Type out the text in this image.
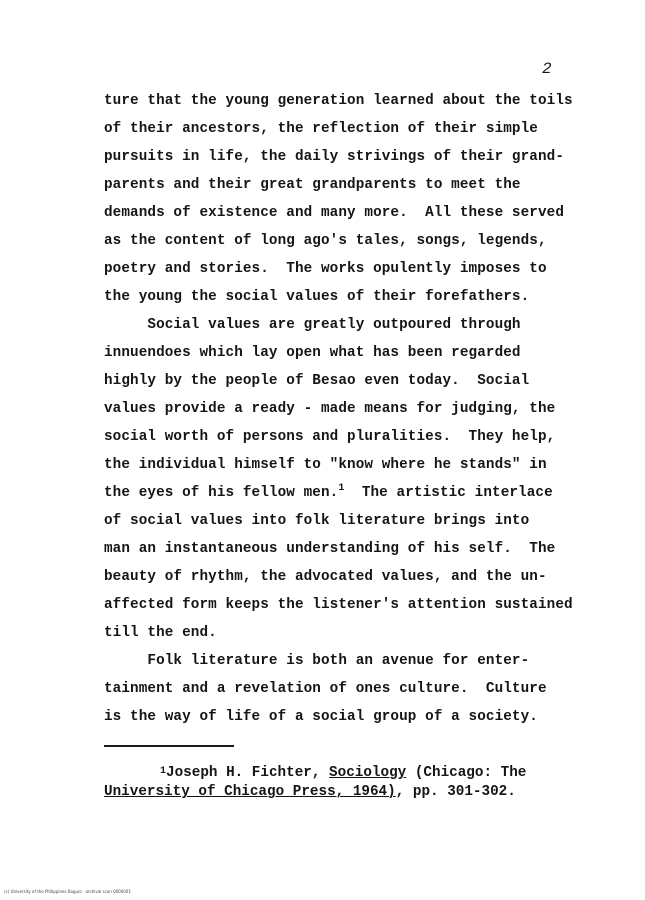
2
ture that the young generation learned about the toils
of their ancestors, the reflection of their simple
pursuits in life, the daily strivings of their grand-
parents and their great grandparents to meet the
demands of existence and many more.  All these served
as the content of long ago's tales, songs, legends,
poetry and stories.  The works opulently imposes to
the young the social values of their forefathers.
Social values are greatly outpoured through
innuendoes which lay open what has been regarded
highly by the people of Besao even today.  Social
values provide a ready - made means for judging, the
social worth of persons and pluralities.  They help,
the individual himself to "know where he stands" in
the eyes of his fellow men.$^1$  The artistic interlace
of social values into folk literature brings into
man an instantaneous understanding of his self.  The
beauty of rhythm, the advocated values, and the un-
affected form keeps the listener's attention sustained
till the end.
Folk literature is both an avenue for enter-
tainment and a revelation of ones culture.  Culture
is the way of life of a social group of a society.
$^1$Joseph H. Fichter, Sociology (Chicago: The
University of Chicago Press, 1964), pp. 301-302.
(c) University of the Philippines Baguio · archival scan 0000001
